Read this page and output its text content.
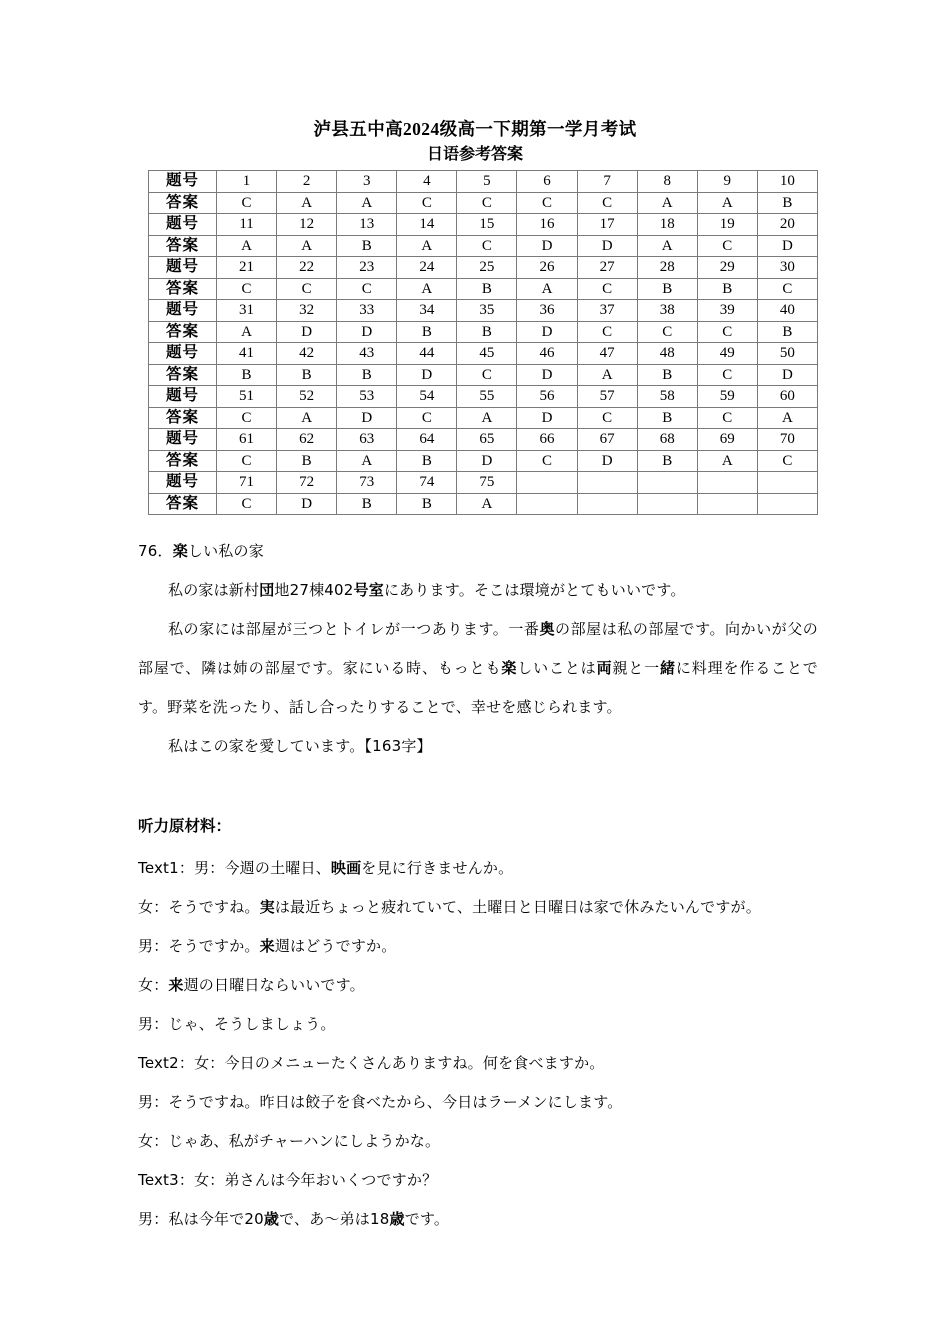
泸县五中高2024级高一下期第一学月考试
日语参考答案
题号	1	2	3	4	5	6	7	8	9	10
答案	C	A	A	C	C	C	C	A	A	B
题号	11	12	13	14	15	16	17	18	19	20
答案	A	A	B	A	C	D	D	A	C	D
题号	21	22	23	24	25	26	27	28	29	30
答案	C	C	C	A	B	A	C	B	B	C
题号	31	32	33	34	35	36	37	38	39	40
答案	A	D	D	B	B	D	C	C	C	B
题号	41	42	43	44	45	46	47	48	49	50
答案	B	B	B	D	C	D	A	B	C	D
题号	51	52	53	54	55	56	57	58	59	60
答案	C	A	D	C	A	D	C	B	C	A
题号	61	62	63	64	65	66	67	68	69	70
答案	C	B	A	B	D	C	D	B	A	C
题号	71	72	73	74	75					
答案	C	D	B	B	A					

76．楽しい私の家

私の家は新村団地27棟402号室にあります。そこは環境がとてもいいです。

私の家には部屋が三つとトイレが一つあります。一番奥の部屋は私の部屋です。向かいが父の部屋で、隣は姉の部屋です。家にいる時、もっとも楽しいことは両親と一緒に料理を作ることです。野菜を洗ったり、話し合ったりすることで、幸せを感じられます。

私はこの家を愛しています。【163字】

听力原材料：

Text1：男：今週の土曜日、映画を見に行きませんか。

女：そうですね。実は最近ちょっと疲れていて、土曜日と日曜日は家で休みたいんですが。

男：そうですか。来週はどうですか。

女：来週の日曜日ならいいです。

男：じゃ、そうしましょう。

Text2：女：今日のメニューたくさんありますね。何を食べますか。

男：そうですね。昨日は餃子を食べたから、今日はラーメンにします。

女：じゃあ、私がチャーハンにしようかな。

Text3：女：弟さんは今年おいくつですか？

男：私は今年で20歳で、あ～弟は18歳です。
